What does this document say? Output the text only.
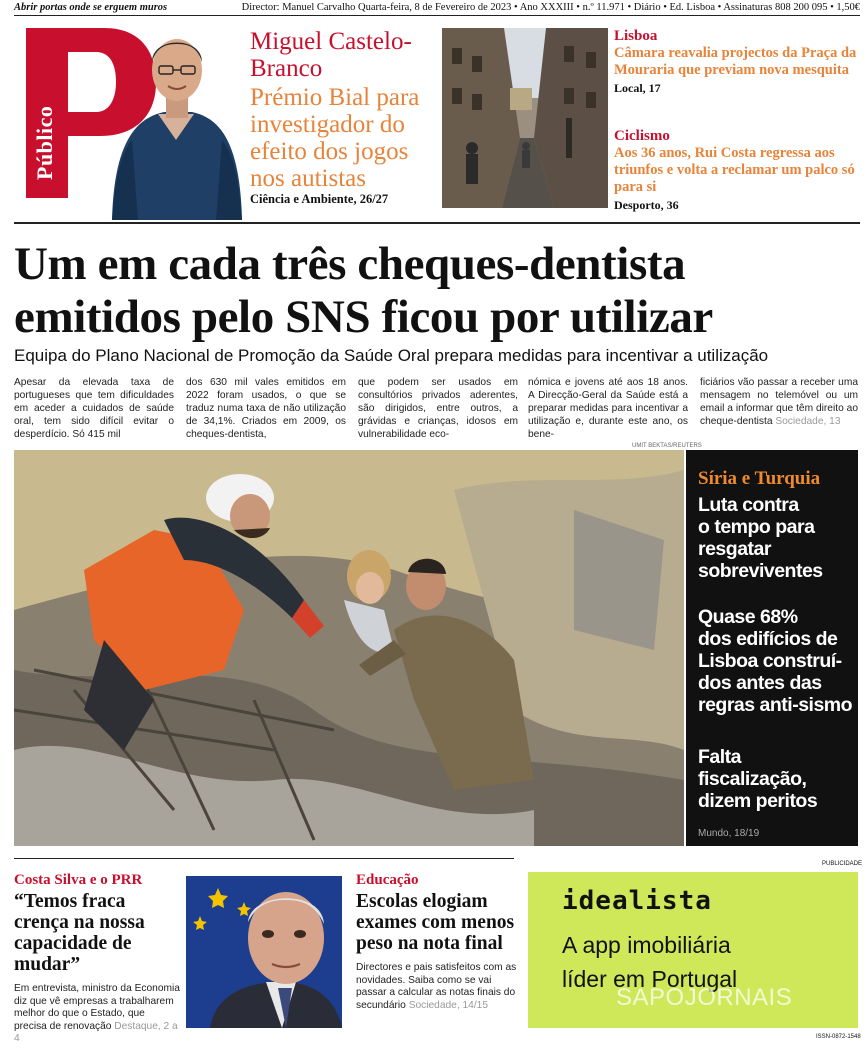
Abrir portas onde se erguem muros	Director: Manuel Carvalho Quarta-feira, 8 de Fevereiro de 2023 • Ano XXXIII • n.º 11.971 • Diário • Ed. Lisboa • Assinaturas 808 200 095 • 1,50€
Público
Miguel Castelo-Branco
Prémio Bial para investigador do efeito dos jogos nos autistas
Ciência e Ambiente, 26/27
Lisboa
Câmara reavalia projectos da Praça da Mouraria que previam nova mesquita
Local, 17
Ciclismo
Aos 36 anos, Rui Costa regressa aos triunfos e volta a reclamar um palco só para si
Desporto, 36
Um em cada três cheques-dentista
emitidos pelo SNS ficou por utilizar
Equipa do Plano Nacional de Promoção da Saúde Oral prepara medidas para incentivar a utilização
Apesar da elevada taxa de portugueses que tem dificuldades em aceder a cuidados de saúde oral, tem sido difícil evitar o desperdício. Só 415 mil
dos 630 mil vales emitidos em 2022 foram usados, o que se traduz numa taxa de não utilização de 34,1%. Criados em 2009, os cheques-dentista,
que podem ser usados em consultórios privados aderentes, são dirigidos, entre outros, a grávidas e crianças, idosos em vulnerabilidade eco-
nómica e jovens até aos 18 anos. A Direcção-Geral da Saúde está a preparar medidas para incentivar a utilização e, durante este ano, os bene-
ficiários vão passar a receber uma mensagem no telemóvel ou um email a informar que têm direito ao cheque-dentista Sociedade, 13
UMIT BEKTAS/REUTERS
Síria e Turquia
Luta contra
o tempo para
resgatar
sobreviventes
Quase 68%
dos edifícios de
Lisboa construí-
dos antes das
regras anti-sismo
Falta
fiscalização,
dizem peritos
Mundo, 18/19
Costa Silva e o PRR
“Temos fraca crença na nossa capacidade de mudar”
Em entrevista, ministro da Economia diz que vê empresas a trabalharem melhor do que o Estado, que precisa de renovação Destaque, 2 a 4
Educação
Escolas elogiam exames com menos peso na nota final
Directores e pais satisfeitos com as novidades. Saiba como se vai passar a calcular as notas finais do secundário Sociedade, 14/15
PUBLICIDADE
idealista
A app imobiliária
líder em Portugal
SAPOJORNAIS
ISSN-0872-1548
